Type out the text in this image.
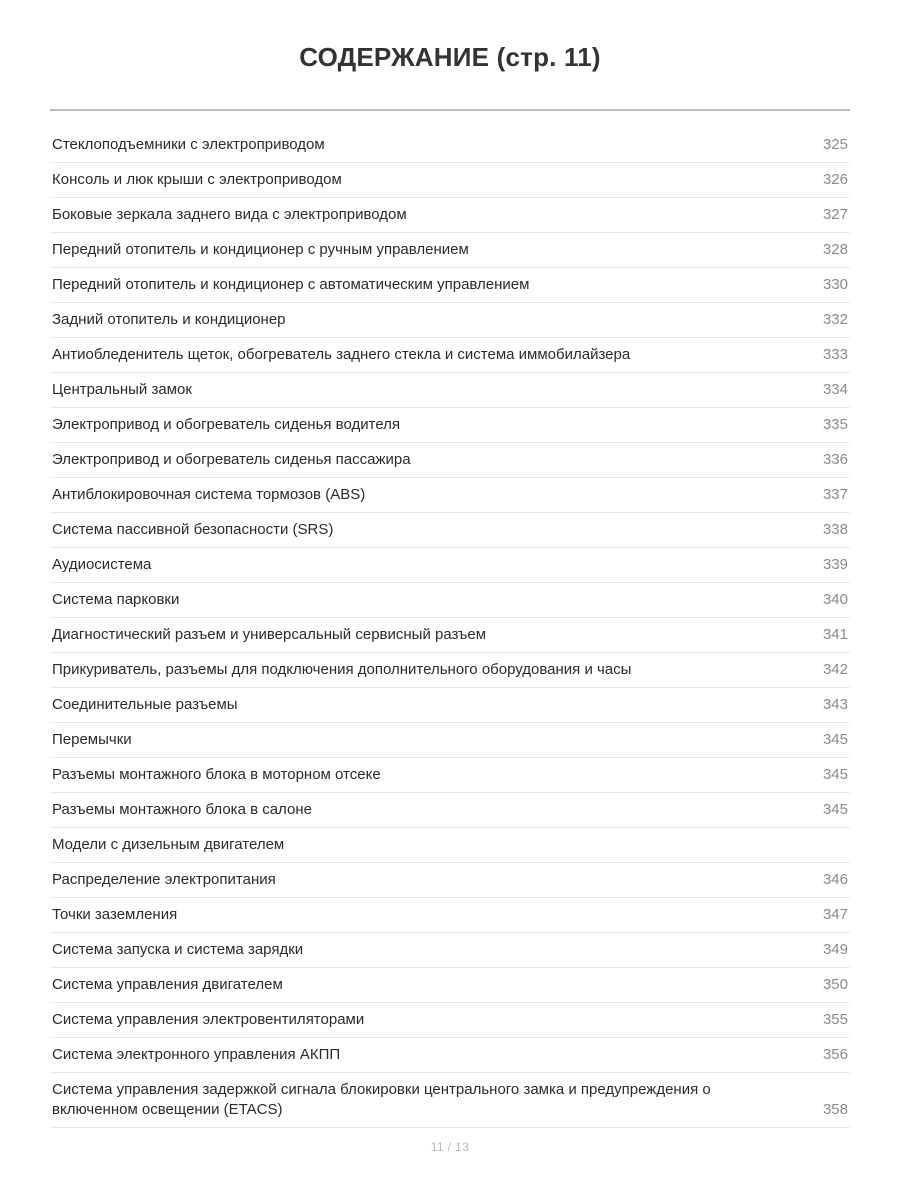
СОДЕРЖАНИЕ (стр. 11)
Стеклоподъемники с электроприводом	325
Консоль и люк крыши с электроприводом	326
Боковые зеркала заднего вида с электроприводом	327
Передний отопитель и кондиционер с ручным управлением	328
Передний отопитель и кондиционер с автоматическим управлением	330
Задний отопитель и кондиционер	332
Антиобледенитель щеток, обогреватель заднего стекла и система иммобилайзера	333
Центральный замок	334
Электропривод и обогреватель сиденья водителя	335
Электропривод и обогреватель сиденья пассажира	336
Антиблокировочная система тормозов (ABS)	337
Система пассивной безопасности (SRS)	338
Аудиосистема	339
Система парковки	340
Диагностический разъем и универсальный сервисный разъем	341
Прикуриватель, разъемы для подключения дополнительного оборудования и часы	342
Соединительные разъемы	343
Перемычки	345
Разъемы монтажного блока в моторном отсеке	345
Разъемы монтажного блока в салоне	345
Модели с дизельным двигателем	
Распределение электропитания	346
Точки заземления	347
Система запуска и система зарядки	349
Система управления двигателем	350
Система управления электровентиляторами	355
Система электронного управления АКПП	356
Система управления задержкой сигнала блокировки центрального замка и предупреждения о включенном освещении (ETACS)	358
11 / 13
